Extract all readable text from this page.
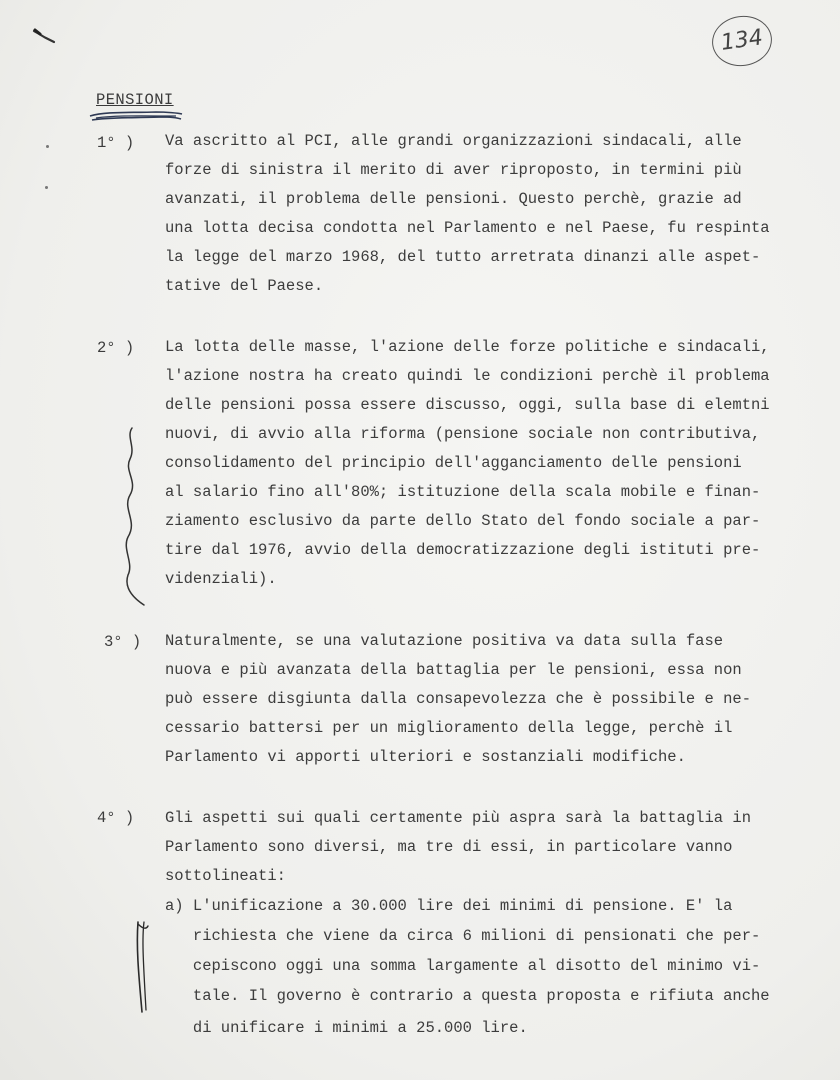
134
PENSIONI
1° ) Va ascritto al PCI, alle grandi organizzazioni sindacali, alle
forze di sinistra il merito di aver riproposto, in termini più
avanzati, il problema delle pensioni. Questo perchè, grazie ad
una lotta decisa condotta nel Parlamento e nel Paese, fu respinta
la legge del marzo 1968, del tutto arretrata dinanzi alle aspet-
tative del Paese.
2° ) La lotta delle masse, l'azione delle forze politiche e sindacali,
l'azione nostra ha creato quindi le condizioni perchè il problema
delle pensioni possa essere discusso, oggi, sulla base di elemtni
nuovi, di avvio alla riforma (pensione sociale non contributiva,
consolidamento del principio dell'agganciamento delle pensioni
al salario fino all'80%; istituzione della scala mobile e finan-
ziamento esclusivo da parte dello Stato del fondo sociale a par-
tire dal 1976, avvio della democratizzazione degli istituti pre-
videnziali).
3° ) Naturalmente, se una valutazione positiva va data sulla fase
nuova e più avanzata della battaglia per le pensioni, essa non
può essere disgiunta dalla consapevolezza che è possibile e ne-
cessario battersi per un miglioramento della legge, perchè il
Parlamento vi apporti ulteriori e sostanziali modifiche.
4° ) Gli aspetti sui quali certamente più aspra sarà la battaglia in
Parlamento sono diversi, ma tre di essi, in particolare vanno
sottolineati:
a) L'unificazione a 30.000 lire dei minimi di pensione. E' la
richiesta che viene da circa 6 milioni di pensionati che per-
cepiscono oggi una somma largamente al disotto del minimo vi-
tale. Il governo è contrario a questa proposta e rifiuta anche
di unificare i minimi a 25.000 lire.
